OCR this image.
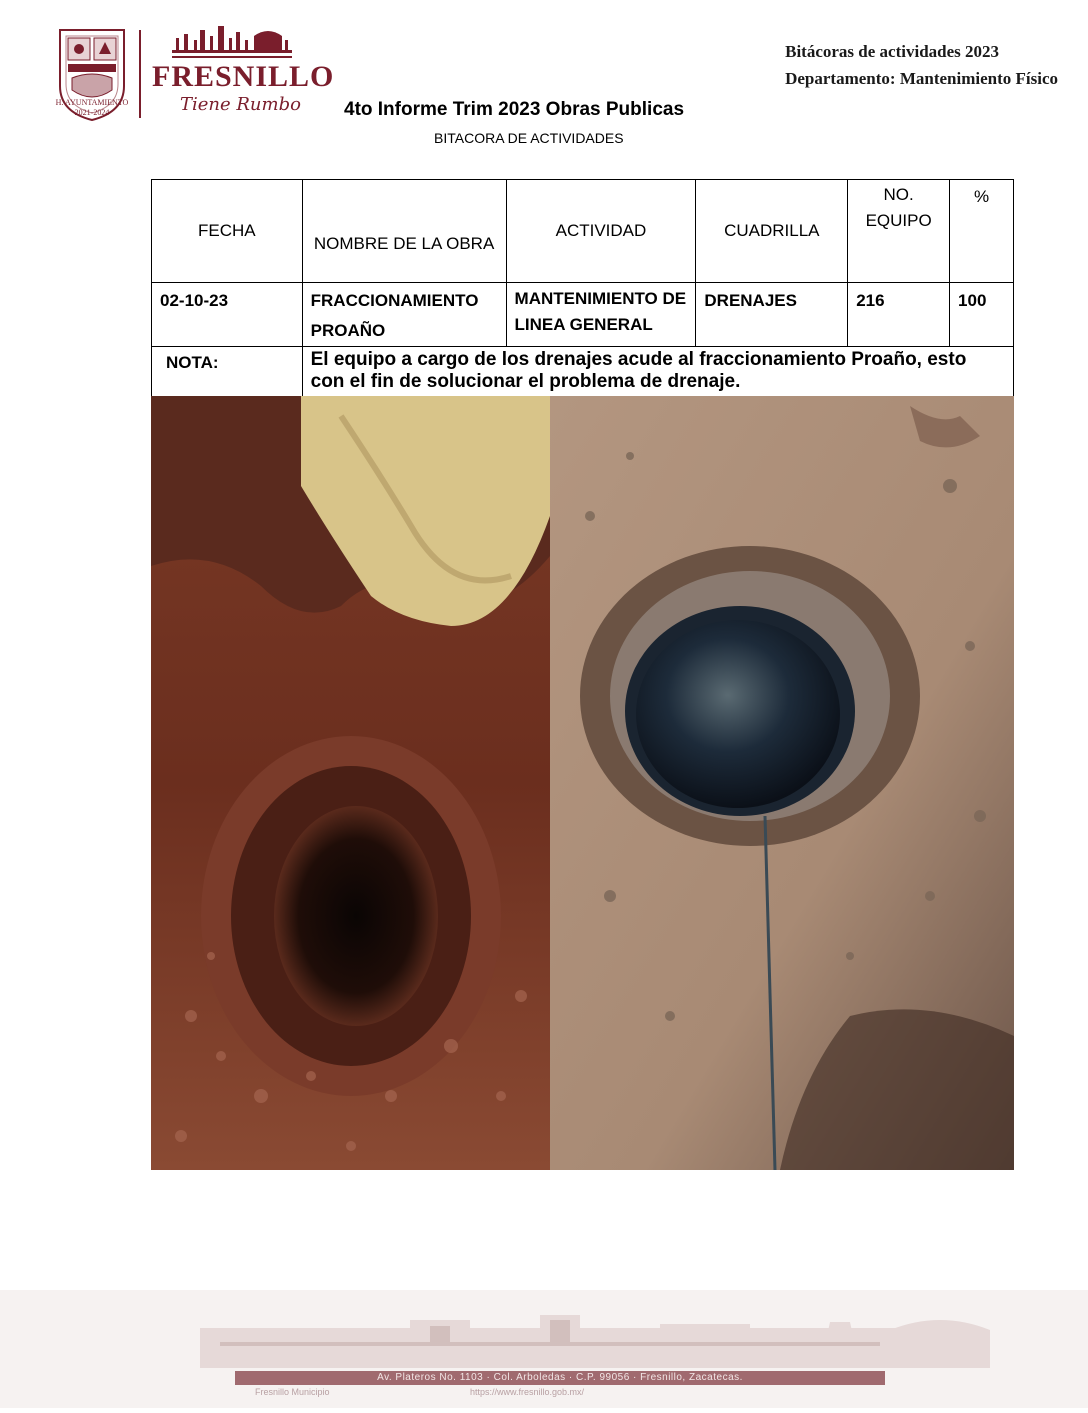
H. AYUNTAMIENTO
2021-2024
FRESNILLO
Tiene Rumbo
Bitácoras de actividades 2023
Departamento: Mantenimiento Físico
4to Informe Trim 2023 Obras Publicas
BITACORA DE ACTIVIDADES
FECHA	NOMBRE DE LA OBRA	ACTIVIDAD	CUADRILLA	NO. EQUIPO	%
02-10-23	FRACCIONAMIENTO PROAÑO	MANTENIMIENTO DE LINEA GENERAL	DRENAJES	216	100
NOTA:	El equipo a cargo de los drenajes acude al fraccionamiento Proaño, esto con el fin de solucionar el problema de drenaje.				
Av. Plateros No. 1103 · Col. Arboledas · C.P. 99056 · Fresnillo, Zacatecas.
Fresnillo Municipio	https://www.fresnillo.gob.mx/
